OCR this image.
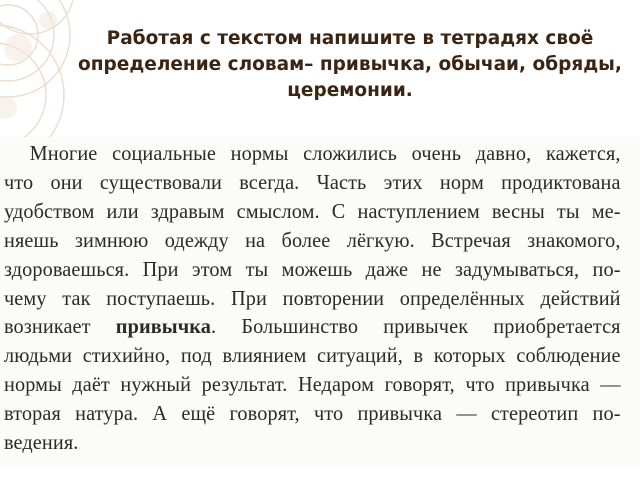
Работая с текстом напишите в тетрадях своё определение словам– привычка, обычаи, обряды, церемонии.
Многие социальные нормы сложились очень давно, кажется,
что они существовали всегда. Часть этих норм продиктована
удобством или здравым смыслом. С наступлением весны ты ме-
няешь зимнюю одежду на более лёгкую. Встречая знакомого,
здороваешься. При этом ты можешь даже не задумываться, по-
чему так поступаешь. При повторении определённых действий
возникает привычка. Большинство привычек приобретается
людьми стихийно, под влиянием ситуаций, в которых соблюдение
нормы даёт нужный результат. Недаром говорят, что привычка —
вторая натура. А ещё говорят, что привычка — стереотип по-
ведения.
